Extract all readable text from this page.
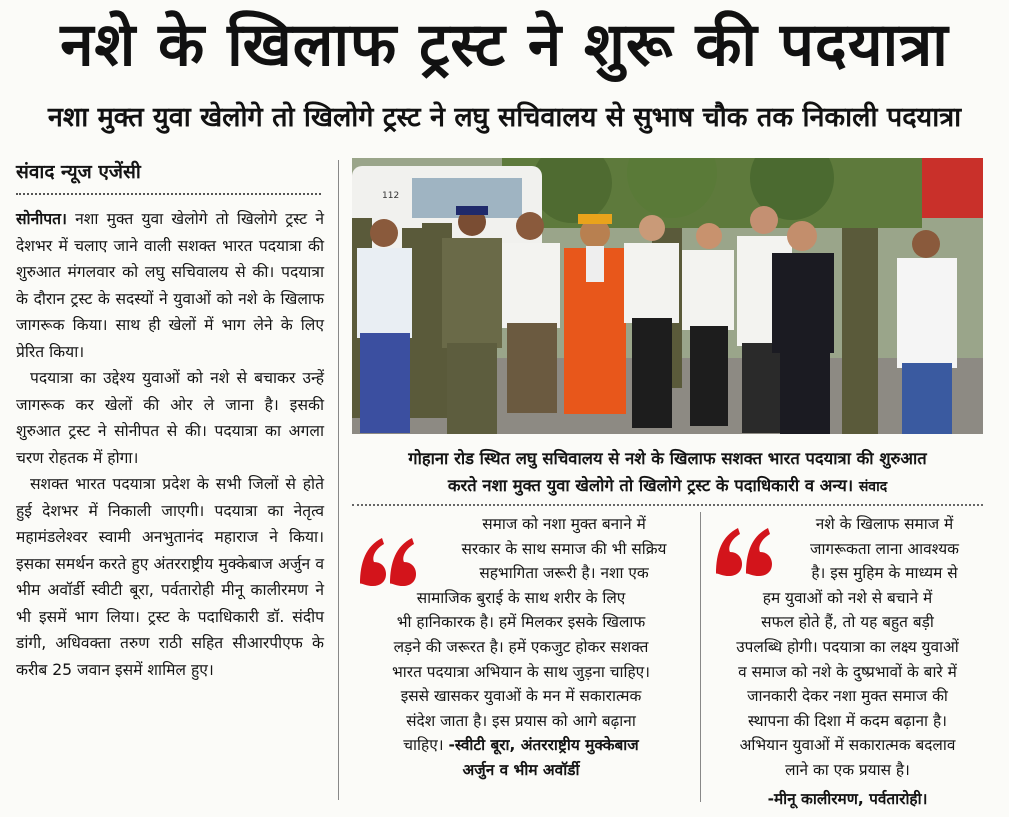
नशे के खिलाफ ट्रस्ट ने शुरू की पदयात्रा
नशा मुक्त युवा खेलोगे तो खिलोगे ट्रस्ट ने लघु सचिवालय से सुभाष चौक तक निकाली पदयात्रा
संवाद न्यूज एजेंसी

सोनीपत। नशा मुक्त युवा खेलोगे तो खिलोगे ट्रस्ट ने देशभर में चलाए जाने वाली सशक्त भारत पदयात्रा की शुरुआत मंगलवार को लघु सचिवालय से की। पदयात्रा के दौरान ट्रस्ट के सदस्यों ने युवाओं को नशे के खिलाफ जागरूक किया। साथ ही खेलों में भाग लेने के लिए प्रेरित किया।

पदयात्रा का उद्देश्य युवाओं को नशे से बचाकर उन्हें जागरूक कर खेलों की ओर ले जाना है। इसकी शुरुआत ट्रस्ट ने सोनीपत से की। पदयात्रा का अगला चरण रोहतक में होगा।

सशक्त भारत पदयात्रा प्रदेश के सभी जिलों से होते हुई देशभर में निकाली जाएगी। पदयात्रा का नेतृत्व महामंडलेश्वर स्वामी अनभुतानंद महाराज ने किया। इसका समर्थन करते हुए अंतरराष्ट्रीय मुक्केबाज अर्जुन व भीम अवॉर्डी स्वीटी बूरा, पर्वतारोही मीनू कालीरमण ने भी इसमें भाग लिया। ट्रस्ट के पदाधिकारी डॉ. संदीप डांगी, अधिवक्ता तरुण राठी सहित सीआरपीएफ के करीब 25 जवान इसमें शामिल हुए।

112
गोहाना रोड स्थित लघु सचिवालय से नशे के खिलाफ सशक्त भारत पदयात्रा की शुरुआत
करते नशा मुक्त युवा खेलोगे तो खिलोगे ट्रस्ट के पदाधिकारी व अन्य। संवाद
समाज को नशा मुक्त बनाने में
सरकार के साथ समाज की भी सक्रिय
सहभागिता जरूरी है। नशा एक
सामाजिक बुराई के साथ शरीर के लिए
भी हानिकारक है। हमें मिलकर इसके खिलाफ
लड़ने की जरूरत है। हमें एकजुट होकर सशक्त
भारत पदयात्रा अभियान के साथ जुड़ना चाहिए।
इससे खासकर युवाओं के मन में सकारात्मक
संदेश जाता है। इस प्रयास को आगे बढ़ाना
चाहिए। -स्वीटी बूरा, अंतरराष्ट्रीय मुक्केबाज
अर्जुन व भीम अवॉर्डी
नशे के खिलाफ समाज में
जागरूकता लाना आवश्यक
है। इस मुहिम के माध्यम से
हम युवाओं को नशे से बचाने में
सफल होते हैं, तो यह बहुत बड़ी
उपलब्धि होगी। पदयात्रा का लक्ष्य युवाओं
व समाज को नशे के दुष्प्रभावों के बारे में
जानकारी देकर नशा मुक्त समाज की
स्थापना की दिशा में कदम बढ़ाना है।
अभियान युवाओं में सकारात्मक बदलाव
लाने का एक प्रयास है।
-मीनू कालीरमण, पर्वतारोही।
